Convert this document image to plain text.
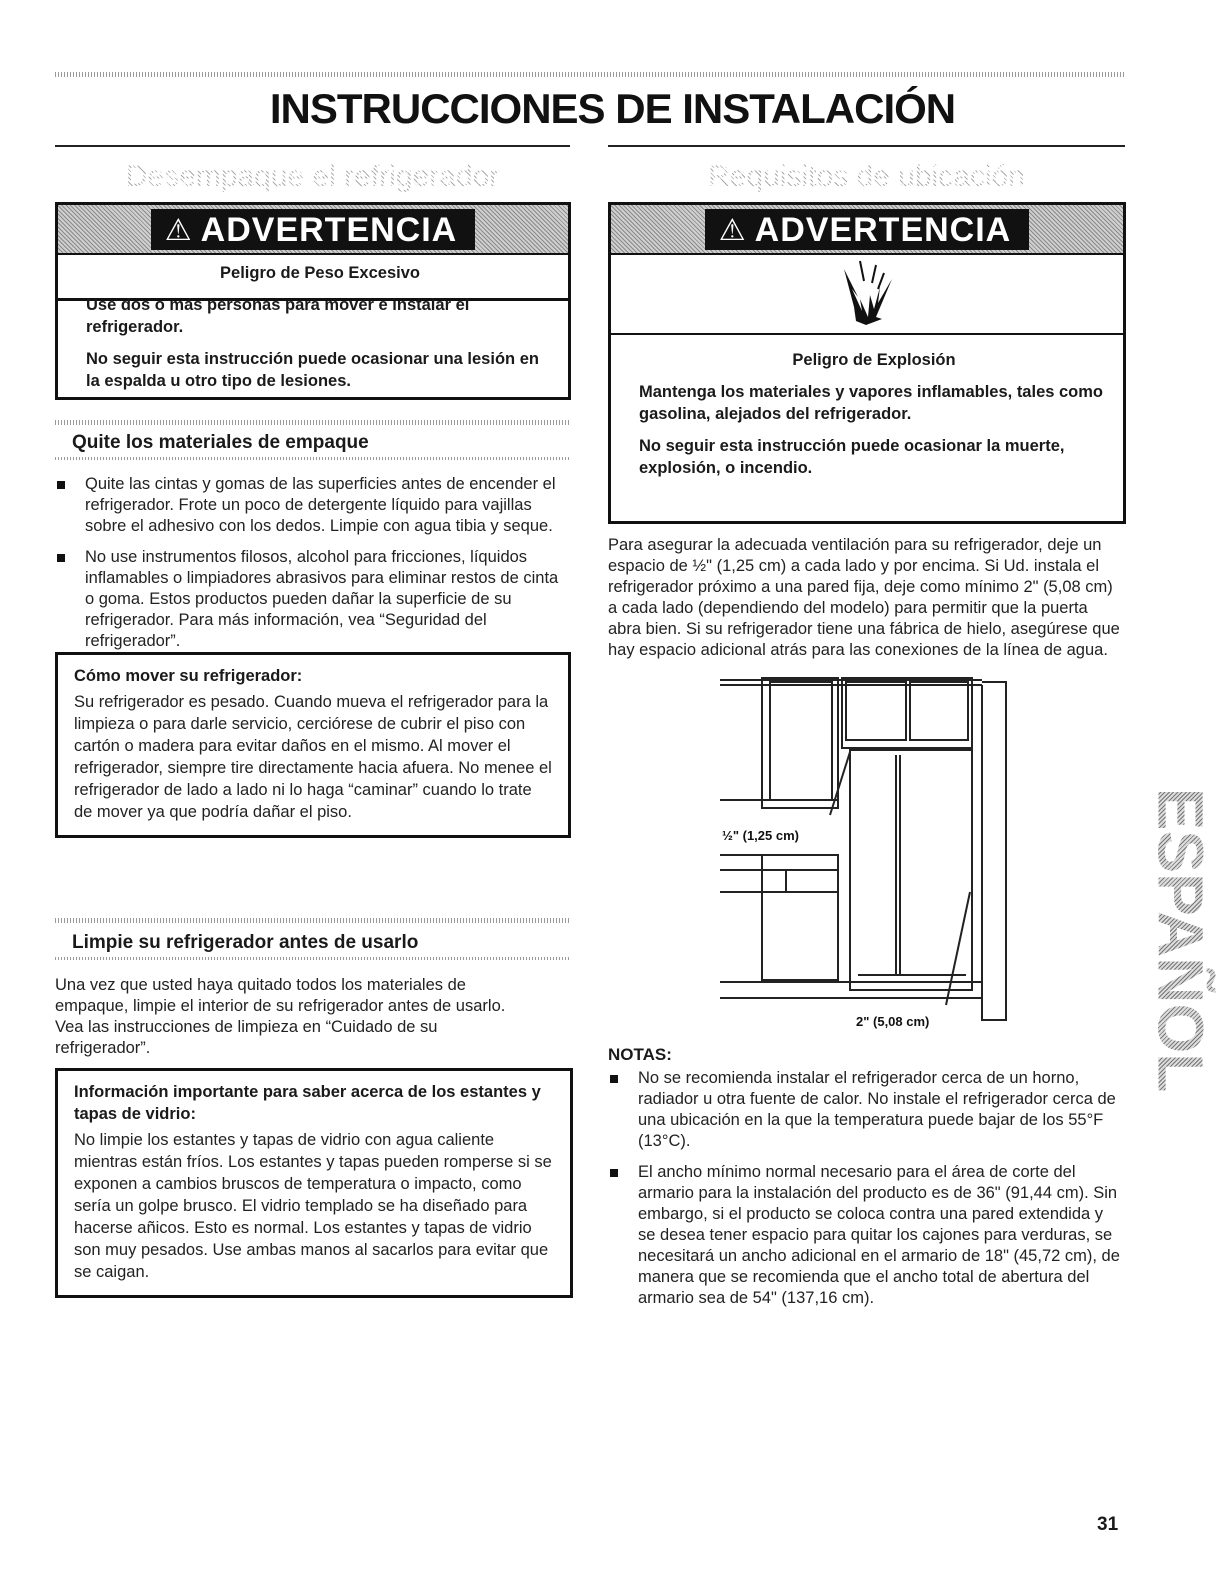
INSTRUCCIONES DE INSTALACIÓN
Desempaque el refrigerador	Requisitos de ubicación
⚠ ADVERTENCIA
Peligro de Peso Excesivo

Use dos o más personas para mover e instalar el refrigerador.

No seguir esta instrucción puede ocasionar una lesión en la espalda u otro tipo de lesiones.

Quite los materiales de empaque
Quite las cintas y gomas de las superficies antes de encender el refrigerador. Frote un poco de detergente líquido para vajillas sobre el adhesivo con los dedos. Limpie con agua tibia y seque.
No use instrumentos filosos, alcohol para fricciones, líquidos inflamables o limpiadores abrasivos para eliminar restos de cinta o goma. Estos productos pueden dañar la superficie de su refrigerador. Para más información, vea “Seguridad del refrigerador”.
Cómo mover su refrigerador:
Su refrigerador es pesado. Cuando mueva el refrigerador para la limpieza o para darle servicio, cerciórese de cubrir el piso con cartón o madera para evitar daños en el mismo. Al mover el refrigerador, siempre tire directamente hacia afuera. No menee el refrigerador de lado a lado ni lo haga “caminar” cuando lo trate de mover ya que podría dañar el piso.
Limpie su refrigerador antes de usarlo
Una vez que usted haya quitado todos los materiales de empaque, limpie el interior de su refrigerador antes de usarlo. Vea las instrucciones de limpieza en “Cuidado de su refrigerador”.
Información importante para saber acerca de los estantes y tapas de vidrio:
No limpie los estantes y tapas de vidrio con agua caliente mientras están fríos. Los estantes y tapas pueden romperse si se exponen a cambios bruscos de temperatura o impacto, como sería un golpe brusco. El vidrio templado se ha diseñado para hacerse añicos. Esto es normal. Los estantes y tapas de vidrio son muy pesados. Use ambas manos al sacarlos para evitar que se caigan.
⚠ ADVERTENCIA
Peligro de Explosión

Mantenga los materiales y vapores inflamables, tales como gasolina, alejados del refrigerador.

No seguir esta instrucción puede ocasionar la muerte, explosión, o incendio.

Para asegurar la adecuada ventilación para su refrigerador, deje un espacio de ½" (1,25 cm) a cada lado y por encima. Si Ud. instala el refrigerador próximo a una pared fija, deje como mínimo 2" (5,08 cm) a cada lado (dependiendo del modelo) para permitir que la puerta abra bien. Si su refrigerador tiene una fábrica de hielo, asegúrese que hay espacio adicional atrás para las conexiones de la línea de agua.
½" (1,25 cm)
2" (5,08 cm)
NOTAS:
No se recomienda instalar el refrigerador cerca de un horno, radiador u otra fuente de calor. No instale el refrigerador cerca de una ubicación en la que la temperatura puede bajar de los 55°F (13°C).
El ancho mínimo normal necesario para el área de corte del armario para la instalación del producto es de 36" (91,44 cm). Sin embargo, si el producto se coloca contra una pared extendida y se desea tener espacio para quitar los cajones para verduras, se necesitará un ancho adicional en el armario de 18" (45,72 cm), de manera que se recomienda que el ancho total de abertura del armario sea de 54" (137,16 cm).
ESPAÑOL
31
